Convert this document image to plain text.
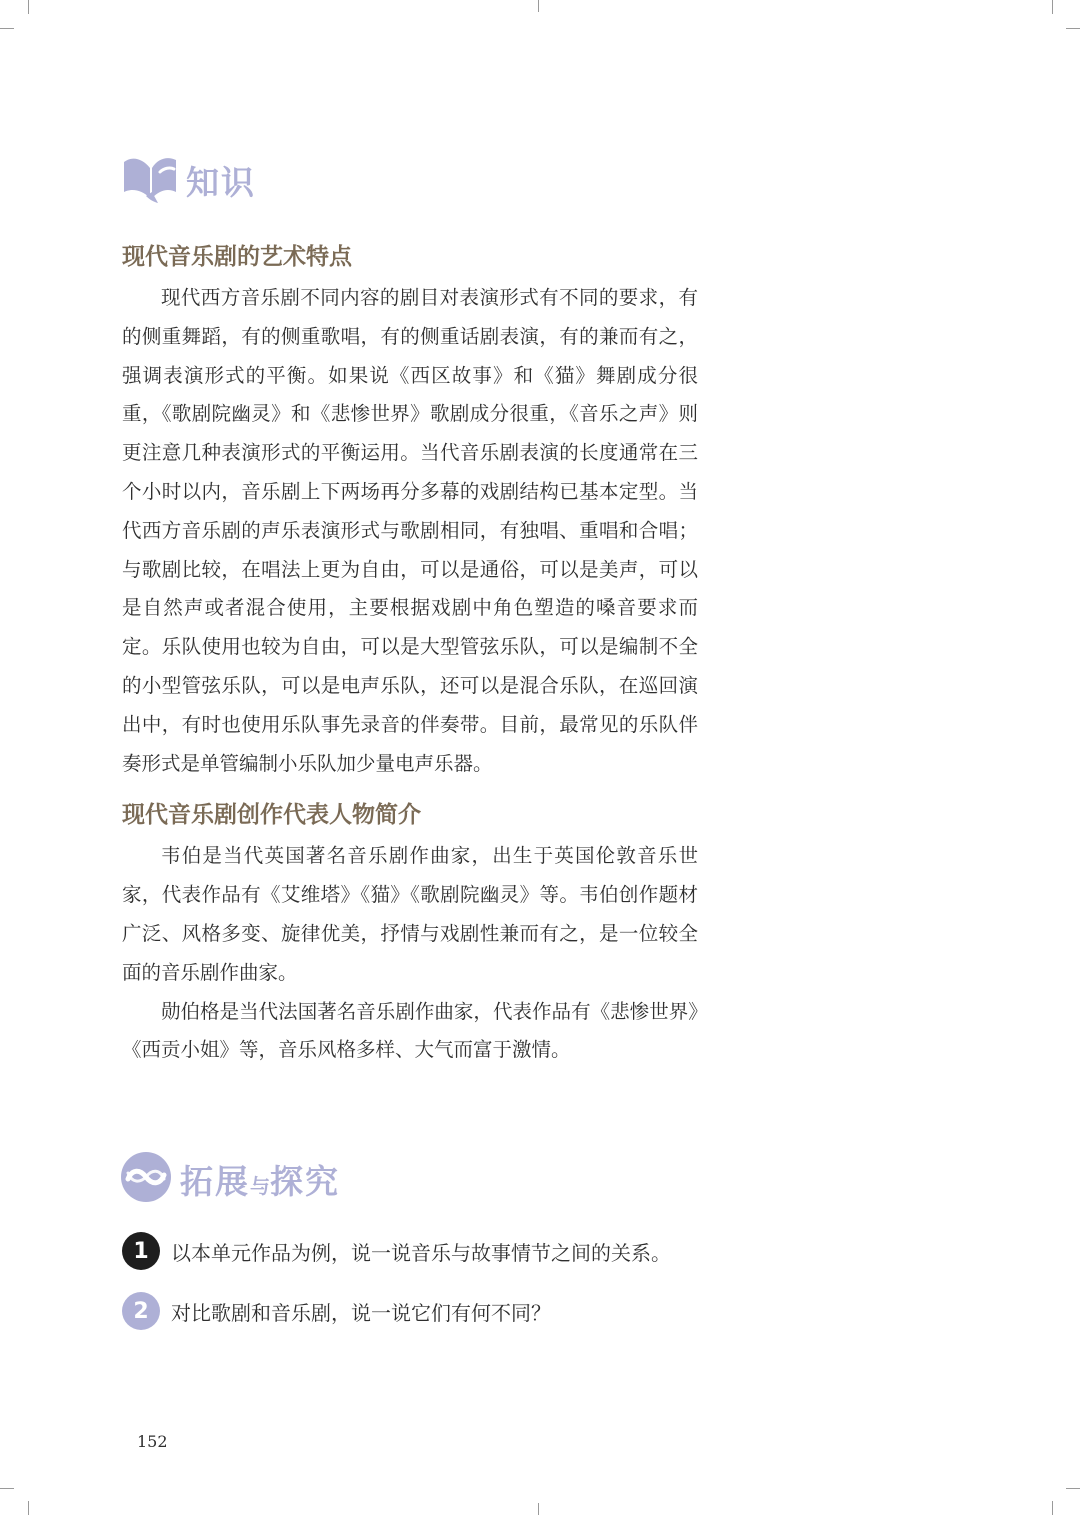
知识
现代音乐剧的艺术特点

现代西方音乐剧不同内容的剧目对表演形式有不同的要求，有的侧重舞蹈，有的侧重歌唱，有的侧重话剧表演，有的兼而有之，强调表演形式的平衡。如果说《西区故事》和《猫》舞剧成分很重，《歌剧院幽灵》和《悲惨世界》歌剧成分很重，《音乐之声》则更注意几种表演形式的平衡运用。当代音乐剧表演的长度通常在三个小时以内，音乐剧上下两场再分多幕的戏剧结构已基本定型。当代西方音乐剧的声乐表演形式与歌剧相同，有独唱、重唱和合唱；与歌剧比较，在唱法上更为自由，可以是通俗，可以是美声，可以是自然声或者混合使用，主要根据戏剧中角色塑造的嗓音要求而定。乐队使用也较为自由，可以是大型管弦乐队，可以是编制不全的小型管弦乐队，可以是电声乐队，还可以是混合乐队，在巡回演出中，有时也使用乐队事先录音的伴奏带。目前，最常见的乐队伴奏形式是单管编制小乐队加少量电声乐器。

现代音乐剧创作代表人物简介

韦伯是当代英国著名音乐剧作曲家，出生于英国伦敦音乐世家，代表作品有《艾维塔》《猫》《歌剧院幽灵》等。韦伯创作题材广泛、风格多变、旋律优美，抒情与戏剧性兼而有之，是一位较全面的音乐剧作曲家。

勋伯格是当代法国著名音乐剧作曲家，代表作品有《悲惨世界》《西贡小姐》等，音乐风格多样、大气而富于激情。

拓展与探究
1	以本单元作品为例，说一说音乐与故事情节之间的关系。
2	对比歌剧和音乐剧，说一说它们有何不同？
152
